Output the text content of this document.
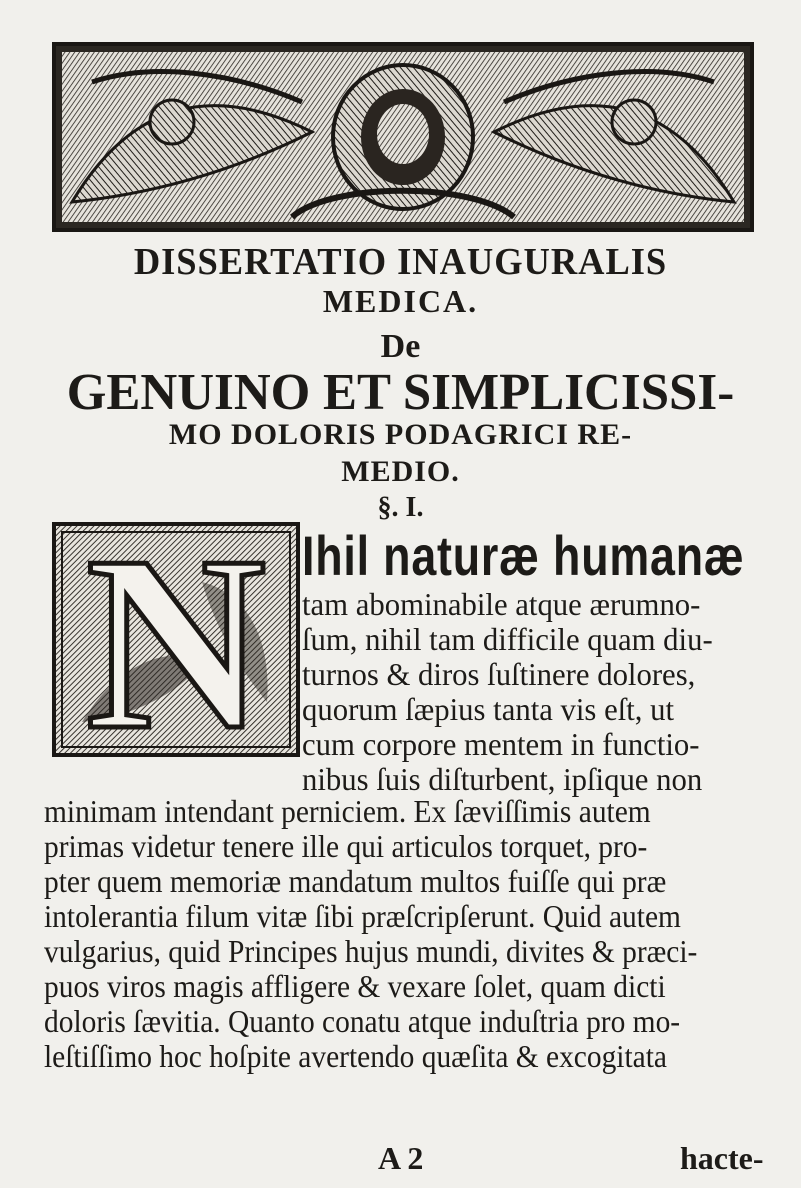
DISSERTATIO INAUGURALIS
MEDICA.
De
GENUINO ET SIMPLICISSI-
MO DOLORIS PODAGRICI RE-
MEDIO.
§. I.
N Ihil naturæ humanæ
tam abominabile atque ærumno-
ſum, nihil tam difficile quam diu-
turnos & diros ſuſtinere dolores,
quorum ſæpius tanta vis eſt, ut
cum corpore mentem in functio-
nibus ſuis diſturbent, ipſique non
minimam intendant perniciem. Ex ſæviſſimis autem
primas videtur tenere ille qui articulos torquet, pro-
pter quem memoriæ mandatum multos fuiſſe qui præ
intolerantia filum vitæ ſibi præſcripſerunt. Quid autem
vulgarius, quid Principes hujus mundi, divites & præci-
puos viros magis affligere & vexare ſolet, quam dicti
doloris ſævitia. Quanto conatu atque induſtria pro mo-
leſtiſſimo hoc hoſpite avertendo quæſita & excogitata
A 2	hacte-
